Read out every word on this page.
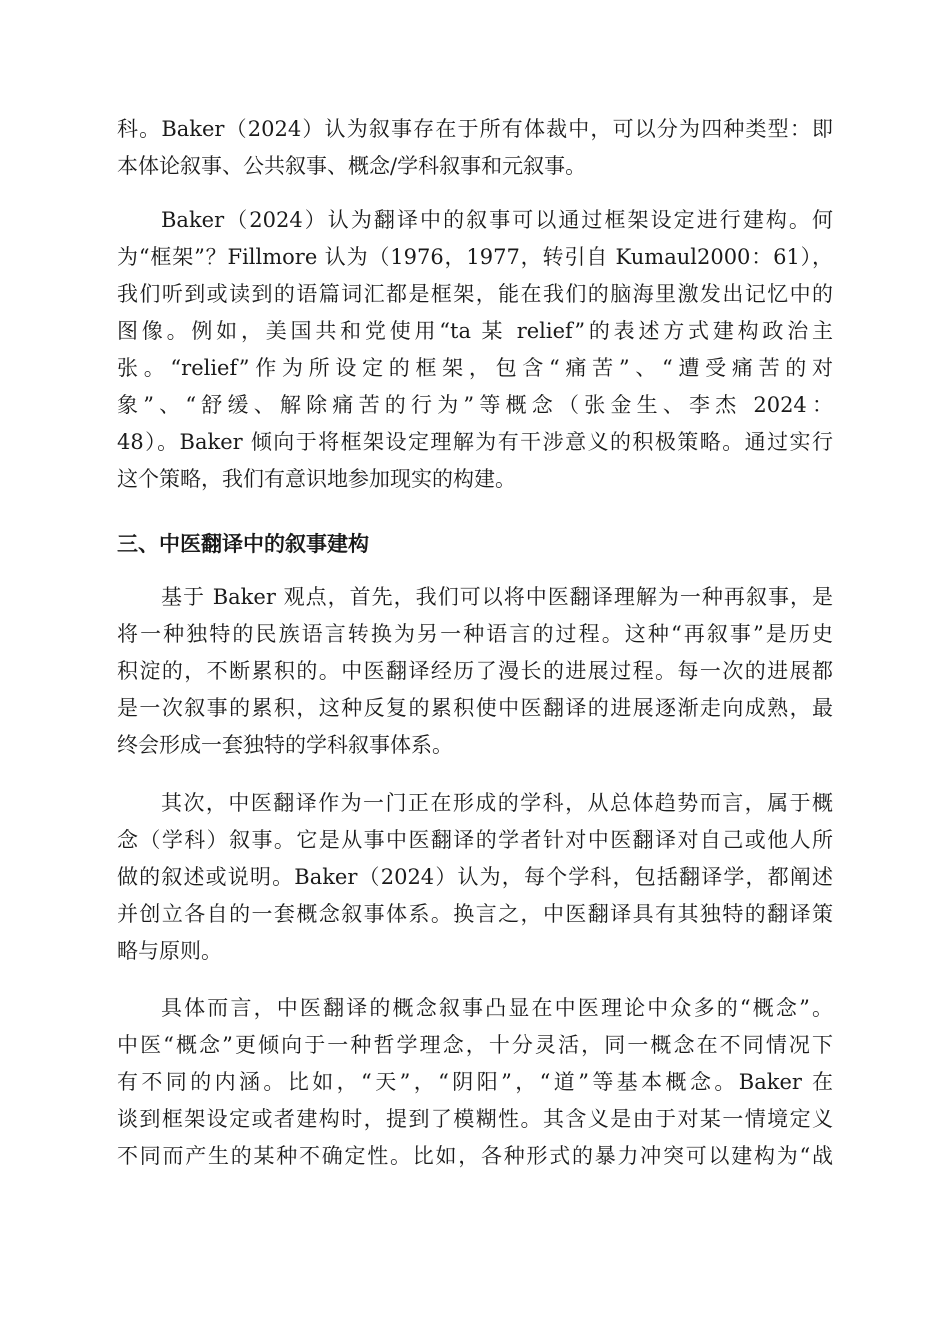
科。Baker（2024）认为叙事存在于所有体裁中，可以分为四种类型：即
本体论叙事、公共叙事、概念/学科叙事和元叙事。
Baker（2024）认为翻译中的叙事可以通过框架设定进行建构。何
为“框架”？Fillmore 认为（1976，1977，转引自 Kumaul2000：61），
我们听到或读到的语篇词汇都是框架，能在我们的脑海里激发出记忆中的
图像。例如，美国共和党使用“ta 某 relief”的表述方式建构政治主
张。“relief”作为所设定的框架，包含“痛苦”、“遭受痛苦的对
象”、“舒缓、解除痛苦的行为”等概念（张金生、李杰 2024：
48）。Baker 倾向于将框架设定理解为有干涉意义的积极策略。通过实行
这个策略，我们有意识地参加现实的构建。
三、中医翻译中的叙事建构
基于 Baker 观点，首先，我们可以将中医翻译理解为一种再叙事，是
将一种独特的民族语言转换为另一种语言的过程。这种“再叙事”是历史
积淀的，不断累积的。中医翻译经历了漫长的进展过程。每一次的进展都
是一次叙事的累积，这种反复的累积使中医翻译的进展逐渐走向成熟，最
终会形成一套独特的学科叙事体系。
其次，中医翻译作为一门正在形成的学科，从总体趋势而言，属于概
念（学科）叙事。它是从事中医翻译的学者针对中医翻译对自己或他人所
做的叙述或说明。Baker（2024）认为，每个学科，包括翻译学，都阐述
并创立各自的一套概念叙事体系。换言之，中医翻译具有其独特的翻译策
略与原则。
具体而言，中医翻译的概念叙事凸显在中医理论中众多的“概念”。
中医“概念”更倾向于一种哲学理念，十分灵活，同一概念在不同情况下
有不同的内涵。比如，“天”，“阴阳”，“道”等基本概念。Baker 在
谈到框架设定或者建构时，提到了模糊性。其含义是由于对某一情境定义
不同而产生的某种不确定性。比如，各种形式的暴力冲突可以建构为“战
